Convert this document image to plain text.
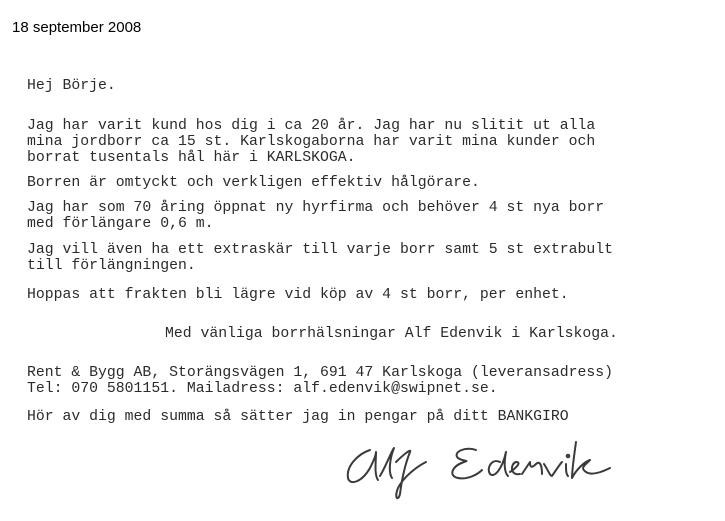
18 september 2008
Hej Börje.
Jag har varit kund hos dig i ca 20 år. Jag har nu slitit ut alla
mina jordborr ca 15 st. Karlskogaborna har varit mina kunder och
borrat tusentals hål här i KARLSKOGA.
Borren är omtyckt och verkligen effektiv hålgörare.
Jag har som 70 åring öppnat ny hyrfirma och behöver 4 st nya borr
med förlängare 0,6 m.
Jag vill även ha ett extraskär till varje borr samt 5 st extrabult
till förlängningen.
Hoppas att frakten bli lägre vid köp av 4 st borr, per enhet.
Med vänliga borrhälsningar Alf Edenvik i Karlskoga.
Rent & Bygg AB, Storängsvägen 1, 691 47 Karlskoga (leveransadress)
Tel: 070 5801151. Mailadress: alf.edenvik@swipnet.se.
Hör av dig med summa så sätter jag in pengar på ditt BANKGIRO
